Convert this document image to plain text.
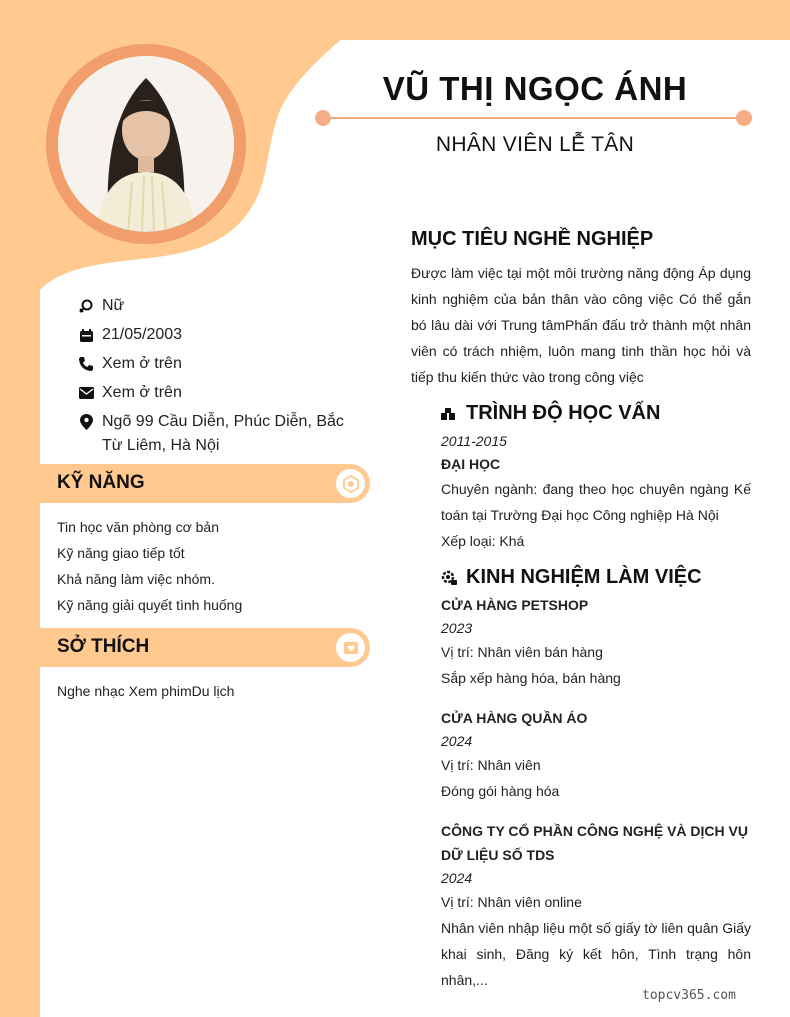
VŨ THỊ NGỌC ÁNH
NHÂN VIÊN LỄ TÂN
Nữ
21/05/2003
Xem ở trên
Xem ở trên
Ngõ 99 Cầu Diễn, Phúc Diễn, Bắc Từ Liêm, Hà Nội
KỸ NĂNG
Tin học văn phòng cơ bản
Kỹ năng giao tiếp tốt
Khả năng làm việc nhóm.
Kỹ năng giải quyết tình huống
SỞ THÍCH
Nghe nhạc Xem phimDu lịch
MỤC TIÊU NGHỀ NGHIỆP
Được làm việc tại một môi trường năng động Áp dụng kinh nghiệm của bản thân vào công việc Có thể gắn bó lâu dài với Trung tâmPhấn đấu trở thành một nhân viên có trách nhiệm, luôn mang tinh thần học hỏi và tiếp thu kiến thức vào trong công việc
TRÌNH ĐỘ HỌC VẤN
2011-2015
ĐẠI HỌC
Chuyên ngành: đang theo học chuyên ngàng Kế toán tại Trường Đại học Công nghiệp Hà Nội
Xếp loại: Khá
KINH NGHIỆM LÀM VIỆC
CỬA HÀNG PETSHOP
2023
Vị trí: Nhân viên bán hàng
Sắp xếp hàng hóa, bán hàng
CỬA HÀNG QUẦN ÁO
2024
Vị trí: Nhân viên
Đóng gói hàng hóa
CÔNG TY CỔ PHẦN CÔNG NGHỆ VÀ DỊCH VỤ DỮ LIỆU SỐ TDS
2024
Vị trí: Nhân viên online
Nhân viên nhập liệu một số giấy tờ liên quân Giấy khai sinh, Đăng ký kết hôn, Tình trạng hôn nhân,...
topcv365.com
